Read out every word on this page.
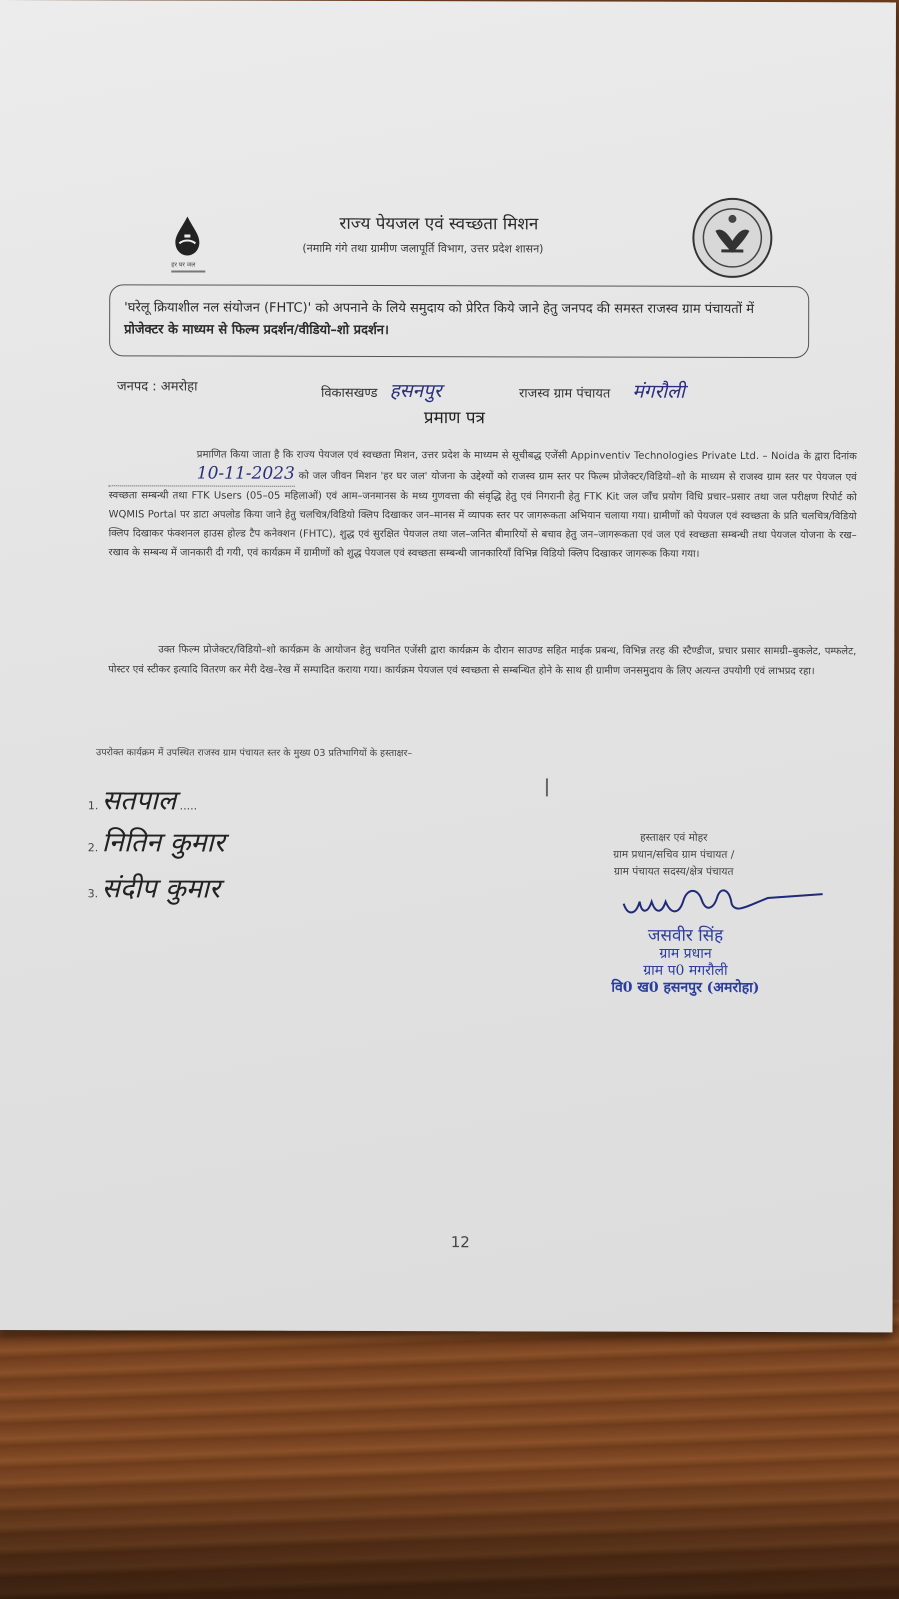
हर घर जल
राज्य पेयजल एवं स्वच्छता मिशन
(नमामि गंगे तथा ग्रामीण जलापूर्ति विभाग, उत्तर प्रदेश शासन)
'घरेलू क्रियाशील नल संयोजन (FHTC)' को अपनाने के लिये समुदाय को प्रेरित किये जाने हेतु जनपद की समस्त राजस्व ग्राम पंचायतों में प्रोजेक्टर के माध्यम से फिल्म प्रदर्शन/वीडियो–शो प्रदर्शन।
जनपद : अमरोहा	विकासखण्ड हसनपुर	राजस्व ग्राम पंचायत मंगरौली
प्रमाण पत्र

प्रमाणित किया जाता है कि राज्य पेयजल एवं स्वच्छता मिशन, उत्तर प्रदेश के माध्यम से सूचीबद्ध एजेंसी Appinventiv Technologies Private Ltd. – Noida के द्वारा दिनांक 10-11-2023 को जल जीवन मिशन 'हर घर जल' योजना के उद्देश्यों को राजस्व ग्राम स्तर पर फिल्म प्रोजेक्टर/विडियो–शो के माध्यम से राजस्व ग्राम स्तर पर पेयजल एवं स्वच्छता सम्बन्धी तथा FTK Users (05–05 महिलाओं) एवं आम–जनमानस के मध्य गुणवत्ता की संवृद्धि हेतु एवं निगरानी हेतु FTK Kit जल जाँच प्रयोग विधि प्रचार–प्रसार तथा जल परीक्षण रिपोर्ट को WQMIS Portal पर डाटा अपलोड किया जाने हेतु चलचित्र/विडियो क्लिप दिखाकर जन–मानस में व्यापक स्तर पर जागरूकता अभियान चलाया गया। ग्रामीणों को पेयजल एवं स्वच्छता के प्रति चलचित्र/विडियो क्लिप दिखाकर फंक्शनल हाउस होल्ड टैप कनेक्शन (FHTC), शुद्ध एवं सुरक्षित पेयजल तथा जल–जनित बीमारियों से बचाव हेतु जन–जागरूकता एवं जल एवं स्वच्छता सम्बन्धी तथा पेयजल योजना के रख–रखाव के सम्बन्ध में जानकारी दी गयी, एवं कार्यक्रम में ग्रामीणों को शुद्ध पेयजल एवं स्वच्छता सम्बन्धी जानकारियाँ विभिन्न विडियो क्लिप दिखाकर जागरूक किया गया।

उक्त फिल्म प्रोजेक्टर/विडियो–शो कार्यक्रम के आयोजन हेतु चयनित एजेंसी द्वारा कार्यक्रम के दौरान साउण्ड सहित माईक प्रबन्ध, विभिन्न तरह की स्टैण्डीज, प्रचार प्रसार सामग्री–बुकलेट, पम्फलेट, पोस्टर एवं स्टीकर इत्यादि वितरण कर मेरी देख–रेख में सम्पादित कराया गया। कार्यक्रम पेयजल एवं स्वच्छता से सम्बन्धित होने के साथ ही ग्रामीण जनसमुदाय के लिए अत्यन्त उपयोगी एवं लाभप्रद रहा।

उपरोक्त कार्यक्रम में उपस्थित राजस्व ग्राम पंचायत स्तर के मुख्य 03 प्रतिभागियों के हस्ताक्षर–
1. सतपाल .....
2. नितिन कुमार
3. संदीप कुमार
हस्ताक्षर एवं मोहर
ग्राम प्रधान/सचिव ग्राम पंचायत /
ग्राम पंचायत सदस्य/क्षेत्र पंचायत
जसवीर सिंह
ग्राम प्रधान
ग्राम प0 मगरौली
वि0 ख0 हसनपुर (अमरोहा)
12
